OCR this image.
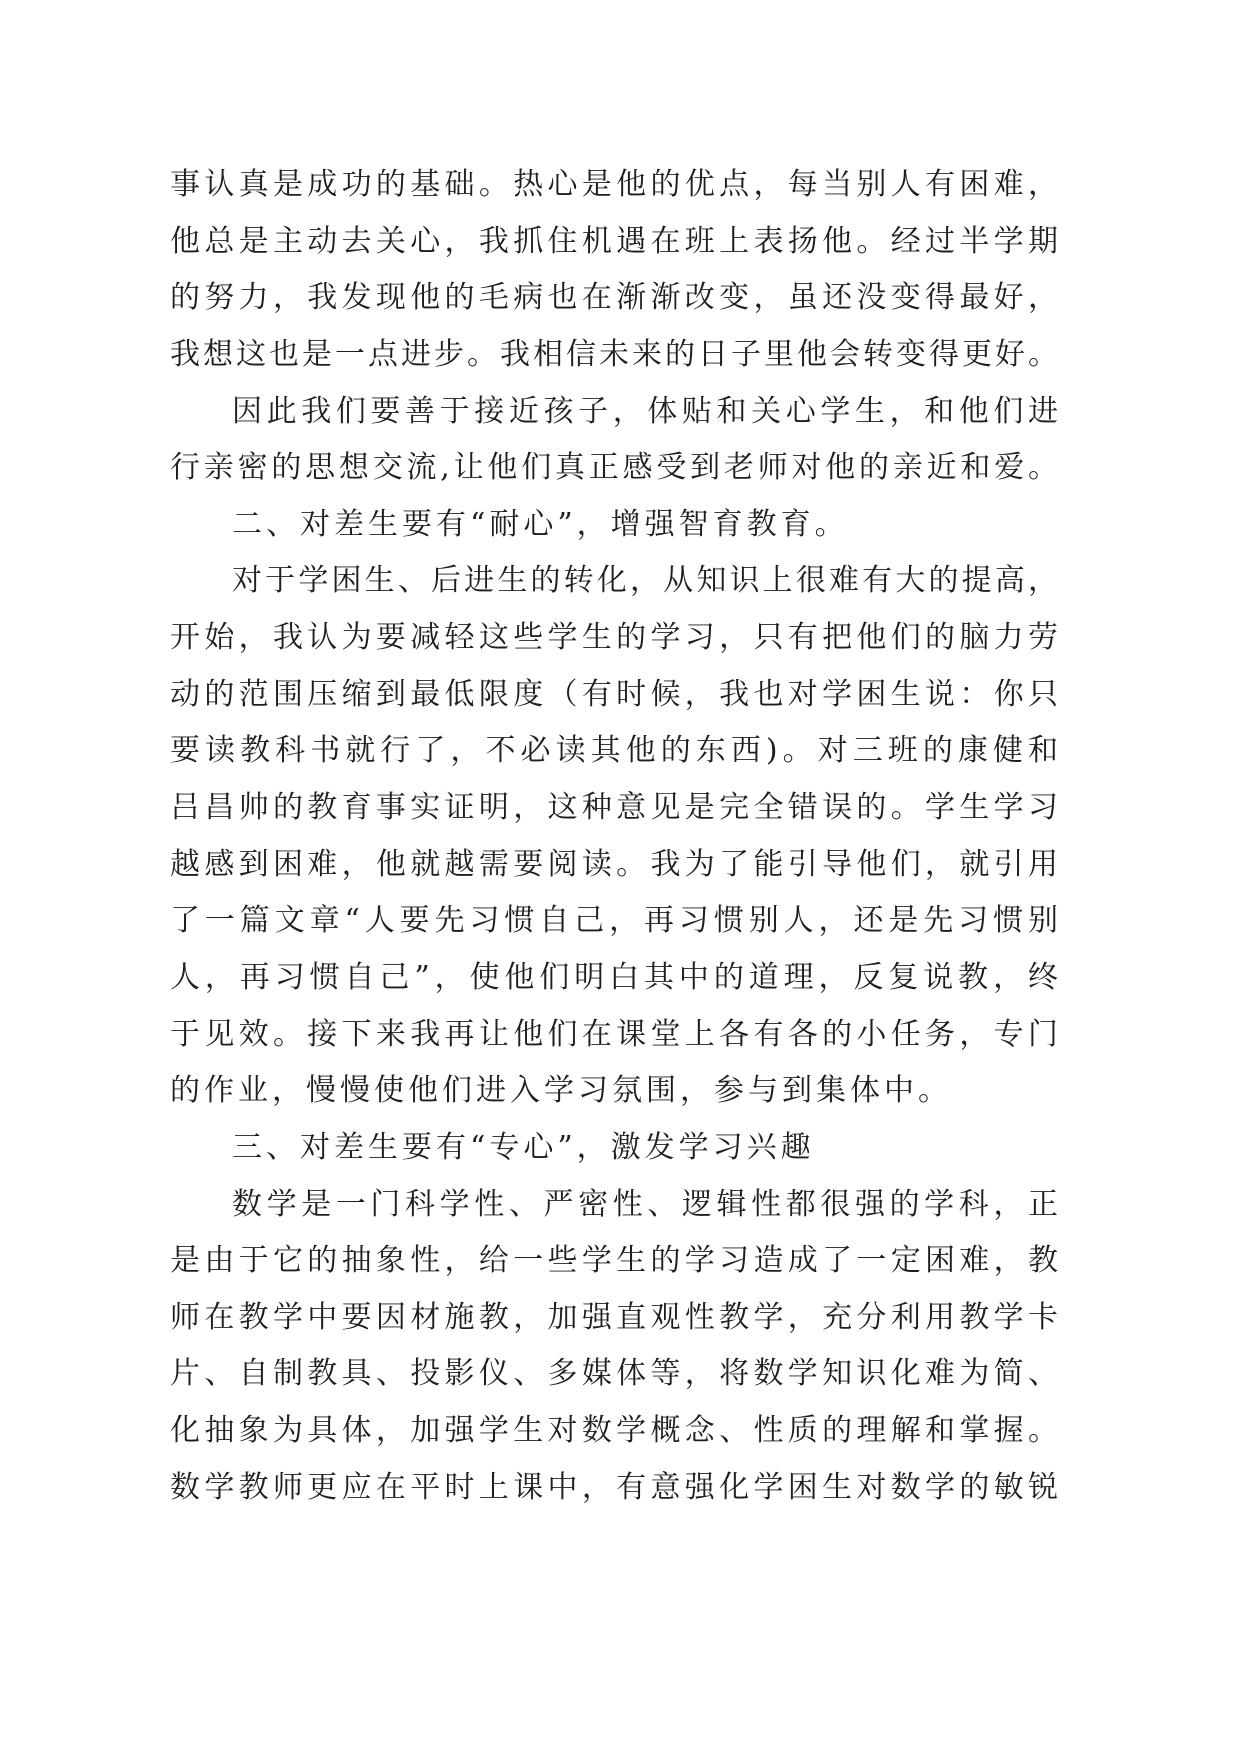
事认真是成功的基础。热心是他的优点，每当别人有困难，
他总是主动去关心，我抓住机遇在班上表扬他。经过半学期
的努力，我发现他的毛病也在渐渐改变，虽还没变得最好，
我想这也是一点进步。我相信未来的日子里他会转变得更好。
因此我们要善于接近孩子，体贴和关心学生，和他们进
行亲密的思想交流,让他们真正感受到老师对他的亲近和爱。
二、对差生要有“耐心”，增强智育教育。
对于学困生、后进生的转化，从知识上很难有大的提高，
开始，我认为要减轻这些学生的学习，只有把他们的脑力劳
动的范围压缩到最低限度（有时候，我也对学困生说：你只
要读教科书就行了，不必读其他的东西)。对三班的康健和
吕昌帅的教育事实证明，这种意见是完全错误的。学生学习
越感到困难，他就越需要阅读。我为了能引导他们，就引用
了一篇文章“人要先习惯自己，再习惯别人，还是先习惯别
人，再习惯自己”，使他们明白其中的道理，反复说教，终
于见效。接下来我再让他们在课堂上各有各的小任务，专门
的作业，慢慢使他们进入学习氛围，参与到集体中。
三、对差生要有“专心”，激发学习兴趣
数学是一门科学性、严密性、逻辑性都很强的学科，正
是由于它的抽象性，给一些学生的学习造成了一定困难，教
师在教学中要因材施教，加强直观性教学，充分利用教学卡
片、自制教具、投影仪、多媒体等，将数学知识化难为简、
化抽象为具体，加强学生对数学概念、性质的理解和掌握。
数学教师更应在平时上课中，有意强化学困生对数学的敏锐
